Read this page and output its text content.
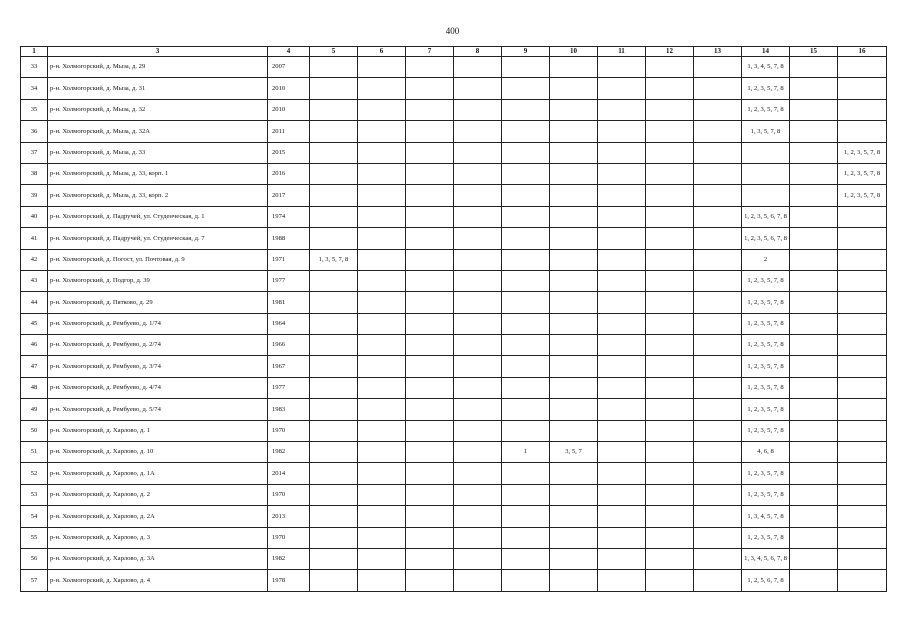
400
1	3	4	5	6	7	8	9	10	11	12	13	14	15	16
33	р-н. Холмогорский, д. Мыза, д. 29	2007										1, 3, 4, 5, 7, 8		
34	р-н. Холмогорский, д. Мыза, д. 31	2010										1, 2, 3, 5, 7, 8		
35	р-н. Холмогорский, д. Мыза, д. 32	2010										1, 2, 3, 5, 7, 8		
36	р-н. Холмогорский, д. Мыза, д. 32А	2011										1, 3, 5, 7, 8		
37	р-н. Холмогорский, д. Мыза, д. 33	2015												1, 2, 3, 5, 7, 8
38	р-н. Холмогорский, д. Мыза, д. 33, корп. 1	2016												1, 2, 3, 5, 7, 8
39	р-н. Холмогорский, д. Мыза, д. 33, корп. 2	2017												1, 2, 3, 5, 7, 8
40	р-н. Холмогорский, д. Падручей, ул. Студенческая, д. 1	1974										1, 2, 3, 5, 6, 7, 8		
41	р-н. Холмогорский, д. Падручей, ул. Студенческая, д. 7	1988										1, 2, 3, 5, 6, 7, 8		
42	р-н. Холмогорский, д. Погост, ул. Почтовая, д. 9	1971	1, 3, 5, 7, 8									2		
43	р-н. Холмогорский, д. Подгор, д. 39	1977										1, 2, 3, 5, 7, 8		
44	р-н. Холмогорский, д. Пятково, д. 29	1981										1, 2, 3, 5, 7, 8		
45	р-н. Холмогорский, д. Рембуево, д. 1/74	1964										1, 2, 3, 5, 7, 8		
46	р-н. Холмогорский, д. Рембуево, д. 2/74	1966										1, 2, 3, 5, 7, 8		
47	р-н. Холмогорский, д. Рембуево, д. 3/74	1967										1, 2, 3, 5, 7, 8		
48	р-н. Холмогорский, д. Рембуево, д. 4/74	1977										1, 2, 3, 5, 7, 8		
49	р-н. Холмогорский, д. Рембуево, д. 5/74	1983										1, 2, 3, 5, 7, 8		
50	р-н. Холмогорский, д. Харлово, д. 1	1970										1, 2, 3, 5, 7, 8		
51	р-н. Холмогорский, д. Харлово, д. 10	1982					1	3, 5, 7				4, 6, 8		
52	р-н. Холмогорский, д. Харлово, д. 1А	2014										1, 2, 3, 5, 7, 8		
53	р-н. Холмогорский, д. Харлово, д. 2	1970										1, 2, 3, 5, 7, 8		
54	р-н. Холмогорский, д. Харлово, д. 2А	2013										1, 3, 4, 5, 7, 8		
55	р-н. Холмогорский, д. Харлово, д. 3	1970										1, 2, 3, 5, 7, 8		
56	р-н. Холмогорский, д. Харлово, д. 3А	1982										1, 3, 4, 5, 6, 7, 8		
57	р-н. Холмогорский, д. Харлово, д. 4	1978										1, 2, 5, 6, 7, 8		
